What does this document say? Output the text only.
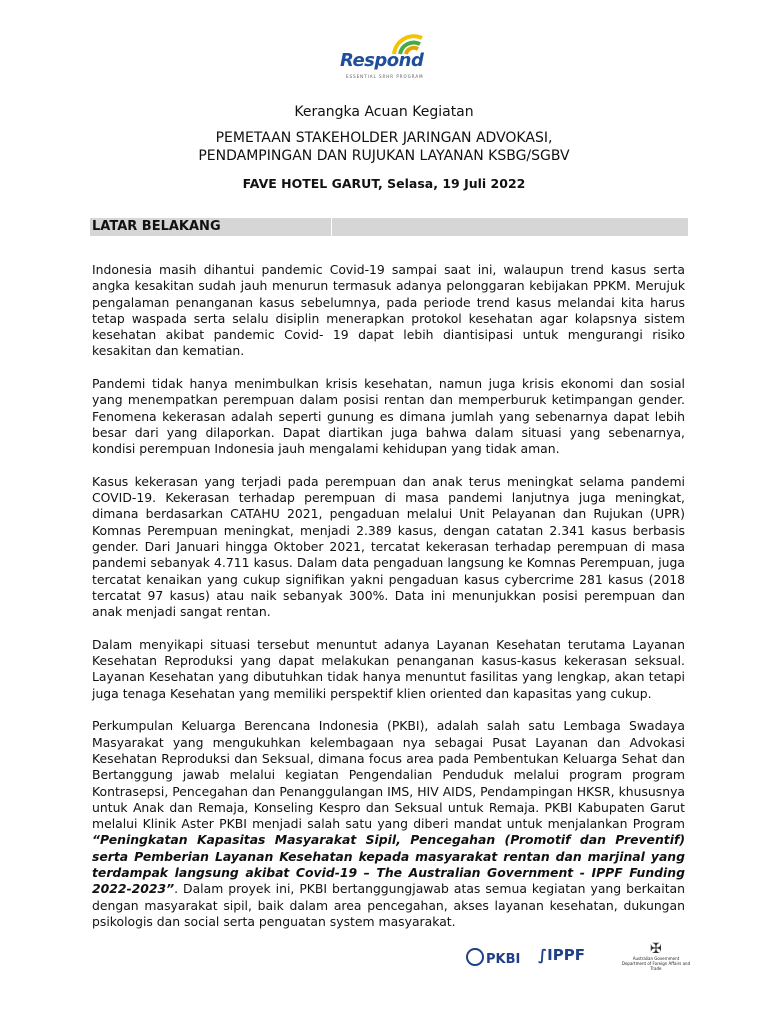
Respond
ESSENTIAL SRHR PROGRAM
Kerangka Acuan Kegiatan
PEMETAAN STAKEHOLDER JARINGAN ADVOKASI,
PENDAMPINGAN DAN RUJUKAN LAYANAN KSBG/SGBV
FAVE HOTEL GARUT, Selasa, 19 Juli 2022
LATAR BELAKANG

Indonesia masih dihantui pandemic Covid-19 sampai saat ini, walaupun trend kasus serta angka kesakitan sudah jauh menurun termasuk adanya pelonggaran kebijakan PPKM. Merujuk pengalaman penanganan kasus sebelumnya, pada periode trend kasus melandai kita harus tetap waspada serta selalu disiplin menerapkan protokol kesehatan agar kolapsnya sistem kesehatan akibat pandemic Covid- 19 dapat lebih diantisipasi untuk mengurangi risiko kesakitan dan kematian.

Pandemi tidak hanya menimbulkan krisis kesehatan, namun juga krisis ekonomi dan sosial yang menempatkan perempuan dalam posisi rentan dan memperburuk ketimpangan gender. Fenomena kekerasan adalah seperti gunung es dimana jumlah yang sebenarnya dapat lebih besar dari yang dilaporkan. Dapat diartikan juga bahwa dalam situasi yang sebenarnya, kondisi perempuan Indonesia jauh mengalami kehidupan yang tidak aman.

Kasus kekerasan yang terjadi pada perempuan dan anak terus meningkat selama pandemi COVID-19. Kekerasan terhadap perempuan di masa pandemi lanjutnya juga meningkat, dimana berdasarkan CATAHU 2021, pengaduan melalui Unit Pelayanan dan Rujukan (UPR) Komnas Perempuan meningkat, menjadi 2.389 kasus, dengan catatan 2.341 kasus berbasis gender. Dari Januari hingga Oktober 2021, tercatat kekerasan terhadap perempuan di masa pandemi sebanyak 4.711 kasus. Dalam data pengaduan langsung ke Komnas Perempuan, juga tercatat kenaikan yang cukup signifikan yakni pengaduan kasus cybercrime 281 kasus (2018 tercatat 97 kasus) atau naik sebanyak 300%. Data ini menunjukkan posisi perempuan dan anak menjadi sangat rentan.

Dalam menyikapi situasi tersebut menuntut adanya Layanan Kesehatan terutama Layanan Kesehatan Reproduksi yang dapat melakukan penanganan kasus-kasus kekerasan seksual. Layanan Kesehatan yang dibutuhkan tidak hanya menuntut fasilitas yang lengkap, akan tetapi juga tenaga Kesehatan yang memiliki perspektif klien oriented dan kapasitas yang cukup.

Perkumpulan Keluarga Berencana Indonesia (PKBI), adalah salah satu Lembaga Swadaya Masyarakat yang mengukuhkan kelembagaan nya sebagai Pusat Layanan dan Advokasi Kesehatan Reproduksi dan Seksual, dimana focus area pada Pembentukan Keluarga Sehat dan Bertanggung jawab melalui kegiatan Pengendalian Penduduk melalui program program Kontrasepsi, Pencegahan dan Penanggulangan IMS, HIV AIDS, Pendampingan HKSR, khususnya untuk Anak dan Remaja, Konseling Kespro dan Seksual untuk Remaja. PKBI Kabupaten Garut melalui Klinik Aster PKBI menjadi salah satu yang diberi mandat untuk menjalankan Program “Peningkatan Kapasitas Masyarakat Sipil, Pencegahan (Promotif dan Preventif) serta Pemberian Layanan Kesehatan kepada masyarakat rentan dan marjinal yang terdampak langsung akibat Covid-19 – The Australian Government - IPPF Funding 2022-2023”. Dalam proyek ini, PKBI bertanggungjawab atas semua kegiatan yang berkaitan dengan masyarakat sipil, baik dalam area pencegahan, akses layanan kesehatan, dukungan psikologis dan social serta penguatan system masyarakat.

PKBI ∫IPPF	✠
Australian Government
Department of Foreign Affairs and Trade
